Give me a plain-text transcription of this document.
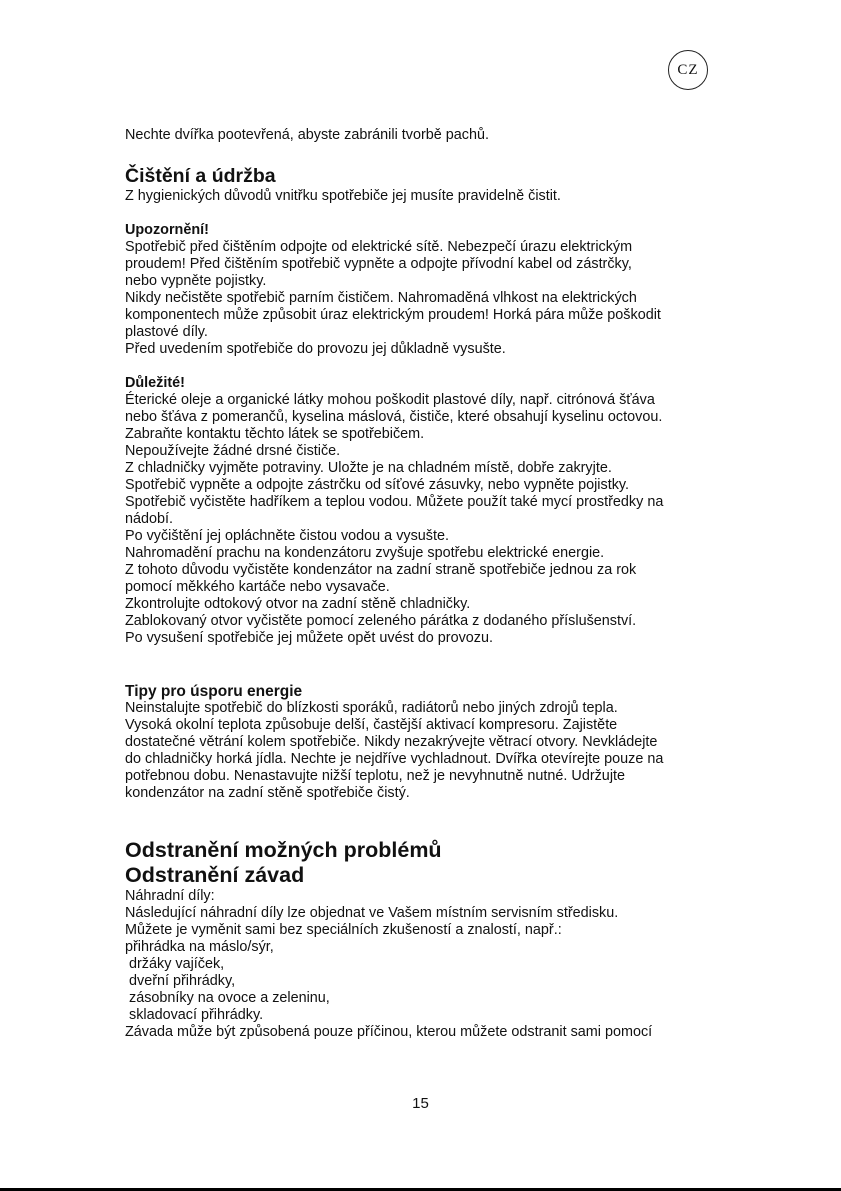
CZ

Nechte dvířka pootevřená, abyste zabránili tvorbě pachů.

Čištění a údržba

Z hygienických důvodů vnitřku spotřebiče jej musíte pravidelně čistit.

Upozornění!

Spotřebič před čištěním odpojte od elektrické sítě. Nebezpečí úrazu elektrickým

proudem! Před čištěním spotřebič vypněte a odpojte přívodní kabel od zástrčky,

nebo vypněte pojistky.

Nikdy nečistěte spotřebič parním čističem. Nahromaděná vlhkost na elektrických

komponentech může způsobit úraz elektrickým proudem! Horká pára může poškodit

plastové díly.

Před uvedením spotřebiče do provozu jej důkladně vysušte.

Důležité!

Éterické oleje a organické látky mohou poškodit plastové díly, např. citrónová šťáva

nebo šťáva z pomerančů, kyselina máslová, čističe, které obsahují kyselinu octovou.

Zabraňte kontaktu těchto látek se spotřebičem.

Nepoužívejte žádné drsné čističe.

Z chladničky vyjměte potraviny. Uložte je na chladném místě, dobře zakryjte.

Spotřebič vypněte a odpojte zástrčku od síťové zásuvky, nebo vypněte pojistky.

Spotřebič vyčistěte hadříkem a teplou vodou. Můžete použít také mycí prostředky na

nádobí.

Po vyčištění jej opláchněte čistou vodou a vysušte.

Nahromadění prachu na kondenzátoru zvyšuje spotřebu elektrické energie.

Z tohoto důvodu vyčistěte kondenzátor na zadní straně spotřebiče jednou za rok

pomocí měkkého kartáče nebo vysavače.

Zkontrolujte odtokový otvor na zadní stěně chladničky.

Zablokovaný otvor vyčistěte pomocí zeleného párátka z dodaného příslušenství.

Po vysušení spotřebiče jej můžete opět uvést do provozu.

Tipy pro úsporu energie

Neinstalujte spotřebič do blízkosti sporáků, radiátorů nebo jiných zdrojů tepla.

Vysoká okolní teplota způsobuje delší, častější aktivací kompresoru. Zajistěte

dostatečné větrání kolem spotřebiče. Nikdy nezakrývejte větrací otvory. Nevkládejte

do chladničky horká jídla. Nechte je nejdříve vychladnout. Dvířka otevírejte pouze na

potřebnou dobu. Nenastavujte nižší teplotu, než je nevyhnutně nutné. Udržujte

kondenzátor na zadní stěně spotřebiče čistý.

Odstranění možných problémů
Odstranění závad

Náhradní díly:

Následující náhradní díly lze objednat ve Vašem místním servisním středisku.

Můžete je vyměnit sami bez speciálních zkušeností a znalostí, např.:

přihrádka na máslo/sýr,

držáky vajíček,

dveřní přihrádky,

zásobníky na ovoce a zeleninu,

skladovací přihrádky.

Závada může být způsobená pouze příčinou, kterou můžete odstranit sami pomocí

15
